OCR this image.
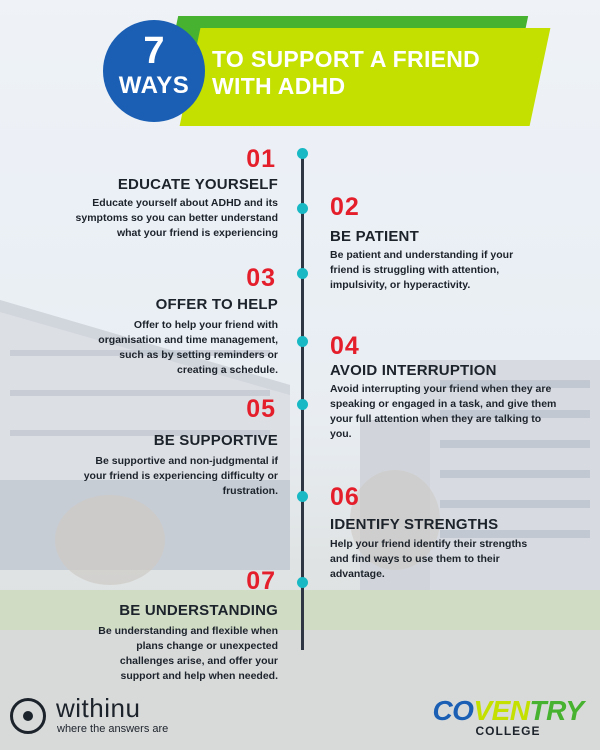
TO SUPPORT A FRIEND WITH ADHD
7
WAYS
01
EDUCATE YOURSELF
Educate yourself about ADHD and its symptoms so you can better understand what your friend is experiencing
02
BE PATIENT
Be patient and understanding if your friend is struggling with attention, impulsivity, or hyperactivity.
03
OFFER TO HELP
Offer to help your friend with organisation and time management, such as by setting reminders or creating a schedule.
04
AVOID INTERRUPTION
Avoid interrupting your friend when they are speaking or engaged in a task, and give them your full attention when they are talking to you.
05
BE SUPPORTIVE
Be supportive and non-judgmental if your friend is experiencing difficulty or frustration. 06
IDENTIFY STRENGTHS
Help your friend identify their strengths and find ways to use them to their advantage.
07
BE UNDERSTANDING
Be understanding and flexible when plans change or unexpected challenges arise, and offer your support and help when needed.
withinu
where the answers are
COVENTRY
COLLEGE
